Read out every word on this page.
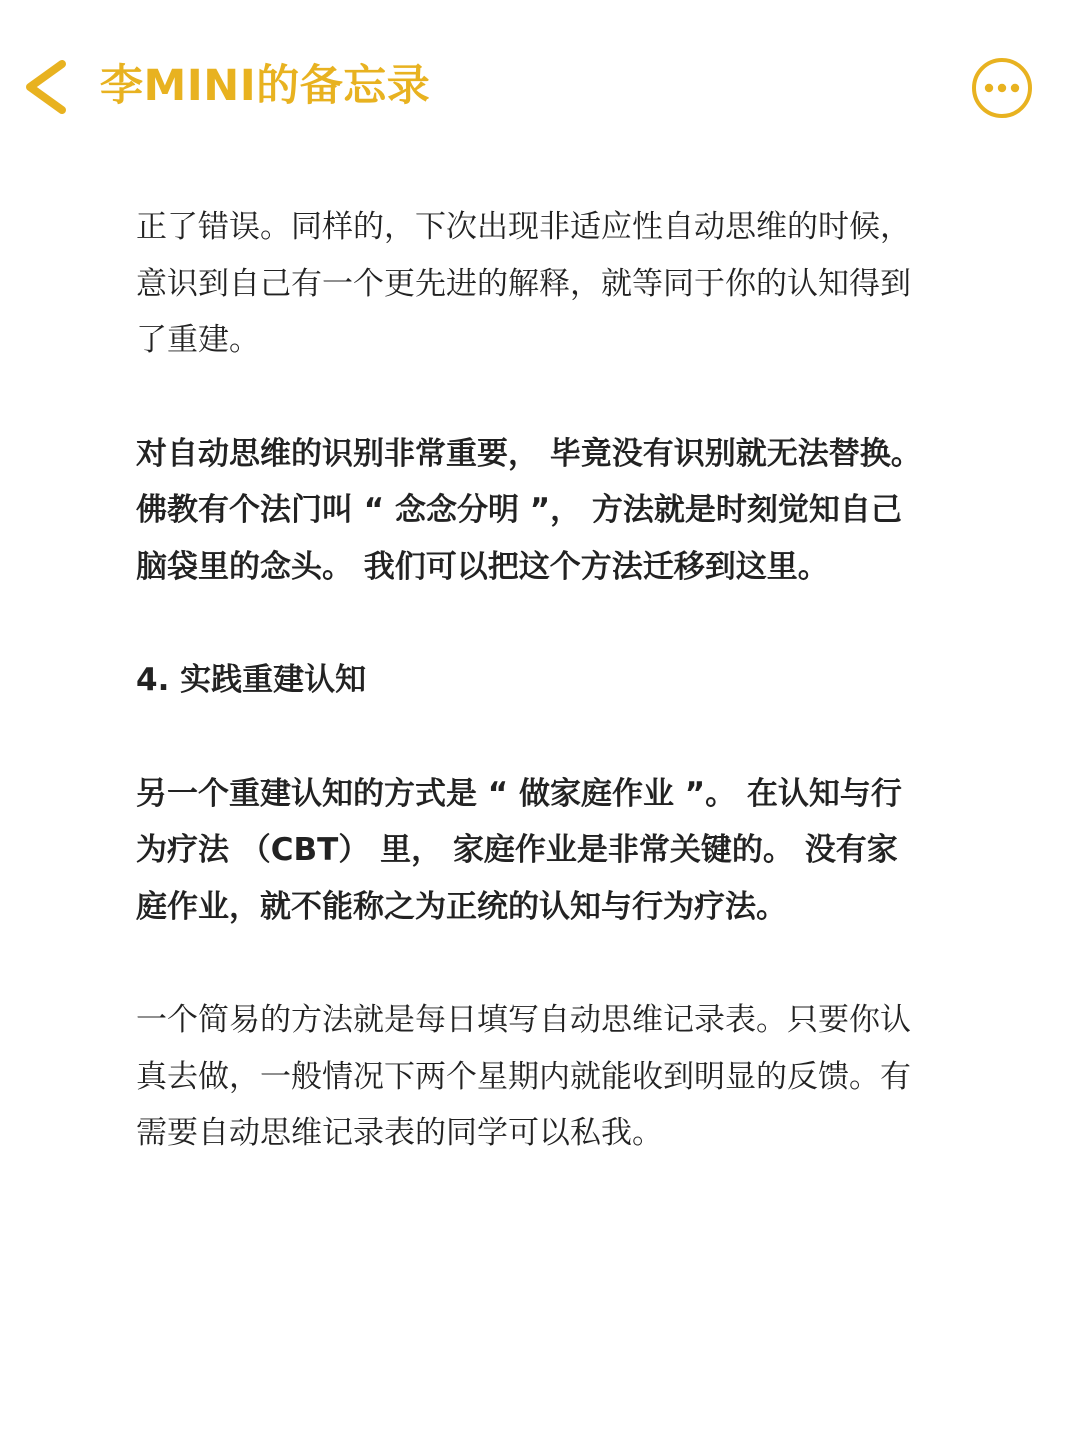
李MINI的备忘录

正了错误。同样的，下次出现非适应性自动思维的时候，
意识到自己有一个更先进的解释，就等同于你的认知得到
了重建。

对自动思维的识别非常重要， 毕竟没有识别就无法替换。
佛教有个法门叫 “ 念念分明 ”， 方法就是时刻觉知自己
脑袋里的念头。 我们可以把这个方法迁移到这里。

4. 实践重建认知

另一个重建认知的方式是 “ 做家庭作业 ”。 在认知与行
为疗法 （CBT） 里， 家庭作业是非常关键的。 没有家
庭作业，就不能称之为正统的认知与行为疗法。

一个简易的方法就是每日填写自动思维记录表。只要你认
真去做，一般情况下两个星期内就能收到明显的反馈。有
需要自动思维记录表的同学可以私我。
